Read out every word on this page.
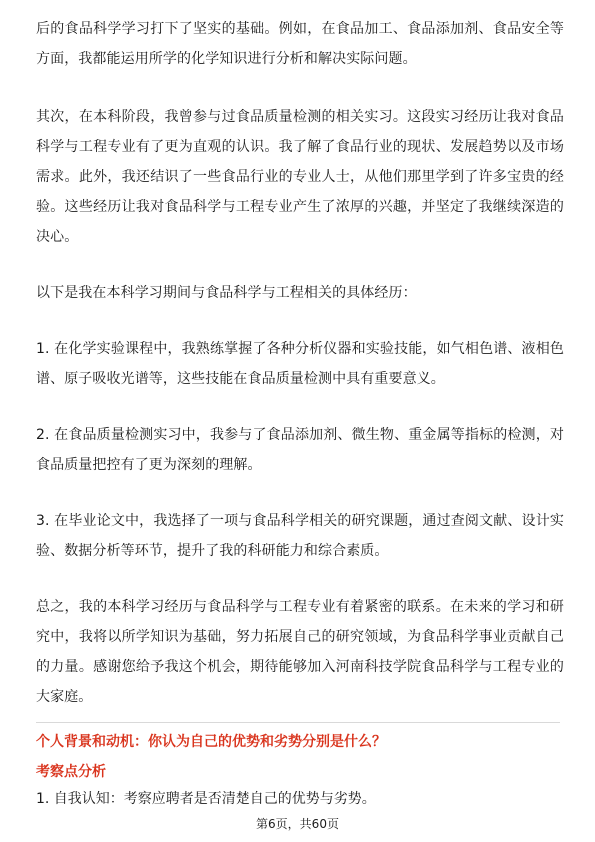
后的食品科学学习打下了坚实的基础。例如，在食品加工、食品添加剂、食品安全等方面，我都能运用所学的化学知识进行分析和解决实际问题。

其次，在本科阶段，我曾参与过食品质量检测的相关实习。这段实习经历让我对食品科学与工程专业有了更为直观的认识。我了解了食品行业的现状、发展趋势以及市场需求。此外，我还结识了一些食品行业的专业人士，从他们那里学到了许多宝贵的经验。这些经历让我对食品科学与工程专业产生了浓厚的兴趣，并坚定了我继续深造的决心。

以下是我在本科学习期间与食品科学与工程相关的具体经历：

1. 在化学实验课程中，我熟练掌握了各种分析仪器和实验技能，如气相色谱、液相色谱、原子吸收光谱等，这些技能在食品质量检测中具有重要意义。

2. 在食品质量检测实习中，我参与了食品添加剂、微生物、重金属等指标的检测，对食品质量把控有了更为深刻的理解。

3. 在毕业论文中，我选择了一项与食品科学相关的研究课题，通过查阅文献、设计实验、数据分析等环节，提升了我的科研能力和综合素质。

总之，我的本科学习经历与食品科学与工程专业有着紧密的联系。在未来的学习和研究中，我将以所学知识为基础，努力拓展自己的研究领域，为食品科学事业贡献自己的力量。感谢您给予我这个机会，期待能够加入河南科技学院食品科学与工程专业的大家庭。

个人背景和动机：你认为自己的优势和劣势分别是什么？
考察点分析
1. 自我认知：考察应聘者是否清楚自己的优势与劣势。
第6页，共60页
